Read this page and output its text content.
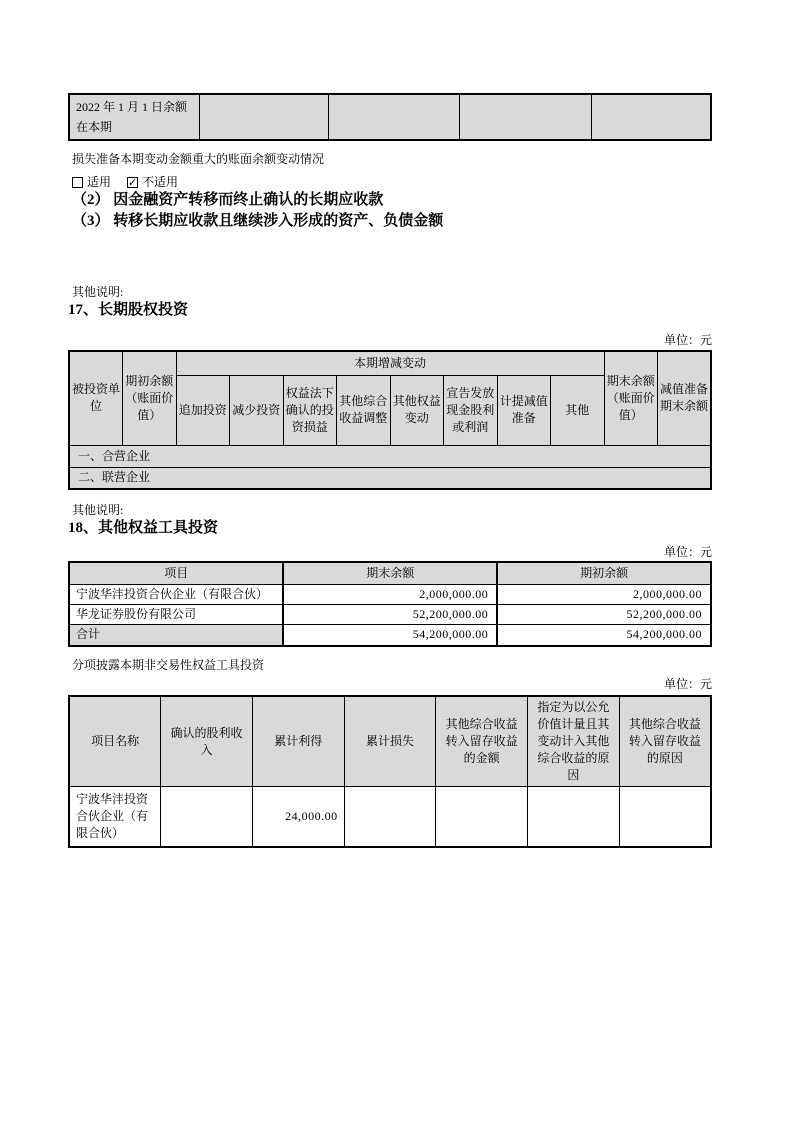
2022 年 1 月 1 日余额在本期				

损失准备本期变动金额重大的账面余额变动情况

适用 ✓	不适用

（2） 因金融资产转移而终止确认的长期应收款
（3） 转移长期应收款且继续涉入形成的资产、负债金额

其他说明:

17、长期股权投资

单位：元

被投资单位	期初余额（账面价值）	本期增减变动								期末余额（账面价值）	减值准备期末余额
		追加投资	减少投资	权益法下确认的投资损益	其他综合收益调整	其他权益变动	宣告发放现金股利或利润	计提减值准备	其他		
一、合营企业											
二、联营企业											

其他说明:

18、其他权益工具投资

单位：元

项目	期末余额	期初余额
宁波华沣投资合伙企业（有限合伙）	2,000,000.00	2,000,000.00
华龙证券股份有限公司	52,200,000.00	52,200,000.00
合计	54,200,000.00	54,200,000.00

分项披露本期非交易性权益工具投资

单位：元

项目名称	确认的股利收入	累计利得	累计损失	其他综合收益转入留存收益的金额	指定为以公允价值计量且其变动计入其他综合收益的原因	其他综合收益转入留存收益的原因
宁波华沣投资合伙企业（有限合伙）		24,000.00				
